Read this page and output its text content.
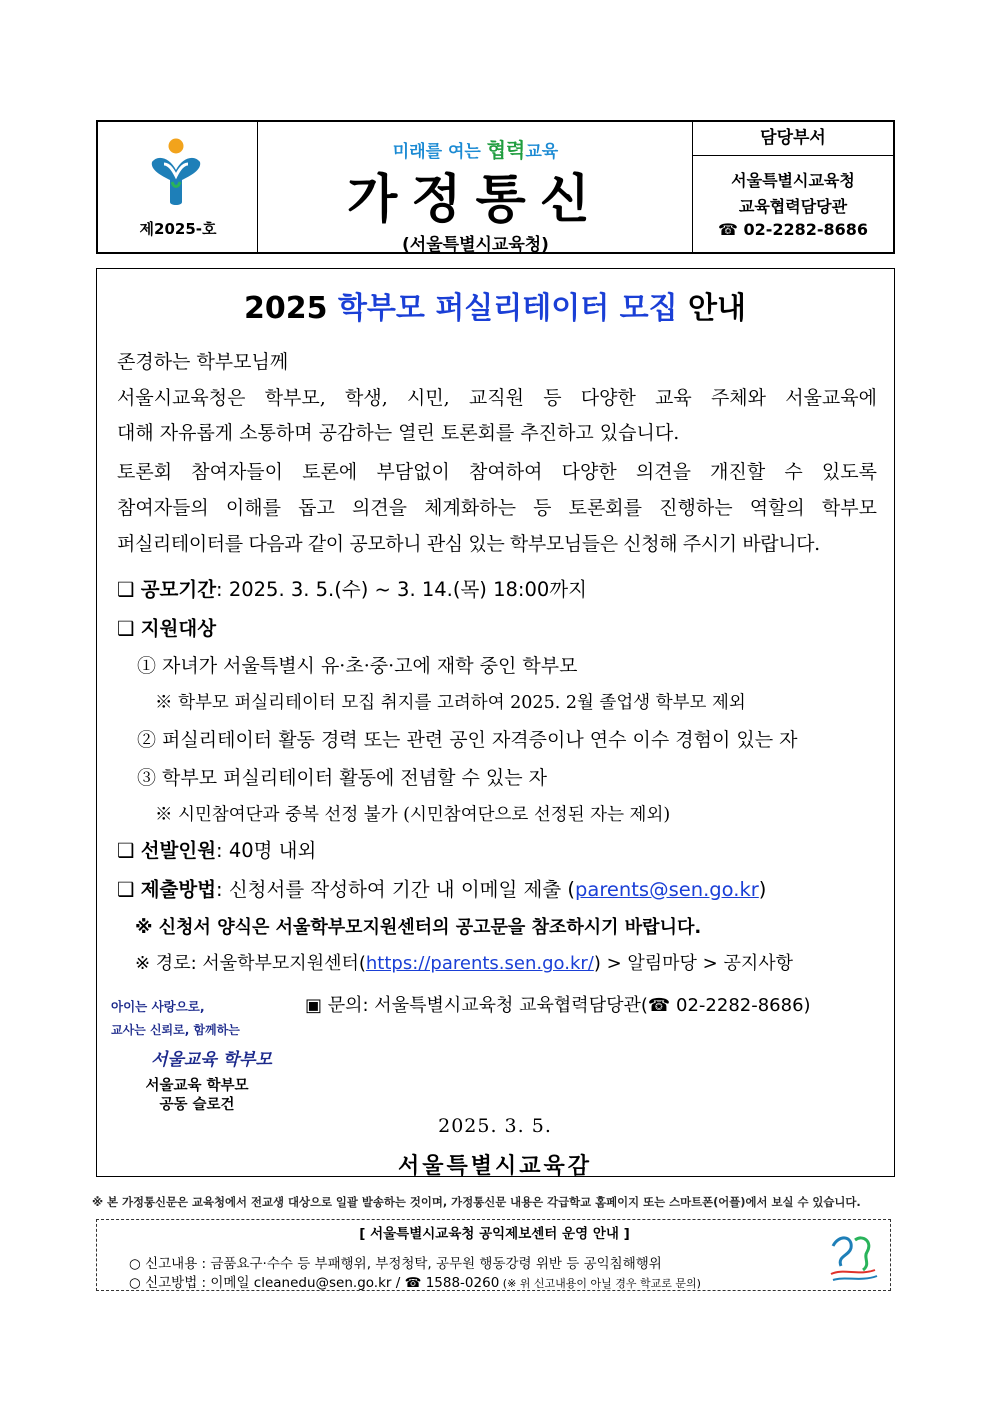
제2025-호
미래를 여는 협력교육
가정통신
(서울특별시교육청)
담당부서
서울특별시교육청
교육협력담당관
☎ 02-2282-8686
2025 학부모 퍼실리테이터 모집 안내
존경하는 학부모님께
서울시교육청은 학부모, 학생, 시민, 교직원 등 다양한 교육 주체와 서울교육에
대해 자유롭게 소통하며 공감하는 열린 토론회를 추진하고 있습니다.
토론회 참여자들이 토론에 부담없이 참여하여 다양한 의견을 개진할 수 있도록
참여자들의 이해를 돕고 의견을 체계화하는 등 토론회를 진행하는 역할의 학부모
퍼실리테이터를 다음과 같이 공모하니 관심 있는 학부모님들은 신청해 주시기 바랍니다.
❑ 공모기간: 2025. 3. 5.(수) ~ 3. 14.(목) 18:00까지
❑ 지원대상
① 자녀가 서울특별시 유·초·중·고에 재학 중인 학부모
※ 학부모 퍼실리테이터 모집 취지를 고려하여 2025. 2월 졸업생 학부모 제외
② 퍼실리테이터 활동 경력 또는 관련 공인 자격증이나 연수 이수 경험이 있는 자
③ 학부모 퍼실리테이터 활동에 전념할 수 있는 자
※ 시민참여단과 중복 선정 불가 (시민참여단으로 선정된 자는 제외)
❑ 선발인원: 40명 내외
❑ 제출방법: 신청서를 작성하여 기간 내 이메일 제출 (parents@sen.go.kr)
※ 신청서 양식은 서울학부모지원센터의 공고문을 참조하시기 바랍니다.
※ 경로: 서울학부모지원센터(https://parents.sen.go.kr/) > 알림마당 > 공지사항
아이는 사랑으로,
교사는 신뢰로, 함께하는
서울교육 학부모
서울교육 학부모
공동 슬로건
▣ 문의: 서울특별시교육청 교육협력담당관(☎ 02-2282-8686)
2025. 3. 5.
서울특별시교육감
※ 본 가정통신문은 교육청에서 전교생 대상으로 일괄 발송하는 것이며, 가정통신문 내용은 각급학교 홈페이지 또는 스마트폰(어플)에서 보실 수 있습니다.
[ 서울특별시교육청 공익제보센터 운영 안내 ]
○ 신고내용 : 금품요구·수수 등 부패행위, 부정청탁, 공무원 행동강령 위반 등 공익침해행위
○ 신고방법 : 이메일 cleanedu@sen.go.kr / ☎ 1588-0260 (※ 위 신고내용이 아닐 경우 학교로 문의)
